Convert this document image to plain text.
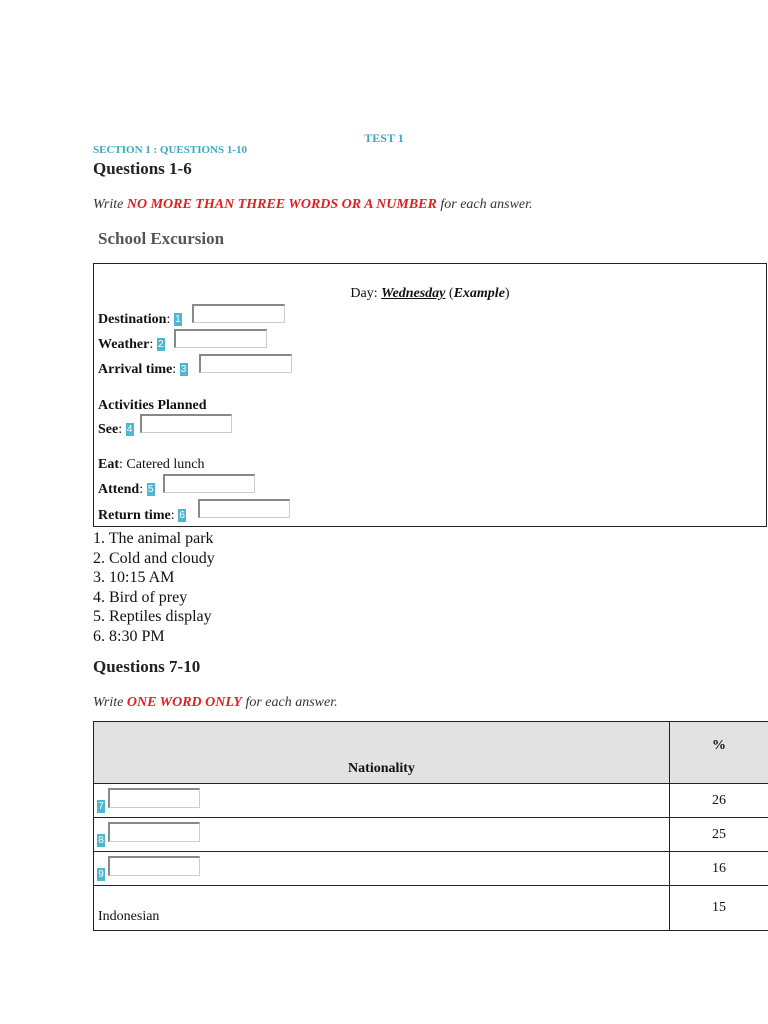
TEST 1
SECTION 1 : QUESTIONS 1-10
Questions 1-6
Write NO MORE THAN THREE WORDS OR A NUMBER for each answer.
School Excursion
Day: Wednesday (Example)
Destination: 1
Weather: 2
Arrival time: 3
Activities Planned
See: 4
Eat: Catered lunch
Attend: 5
Return time: 6
1. The animal park
2. Cold and cloudy
3. 10:15 AM
4. Bird of prey
5. Reptiles display
6. 8:30 PM
Questions 7-10
Write ONE WORD ONLY for each answer.
Nationality	%

7	26

8	25

9	16

Indonesian	15
